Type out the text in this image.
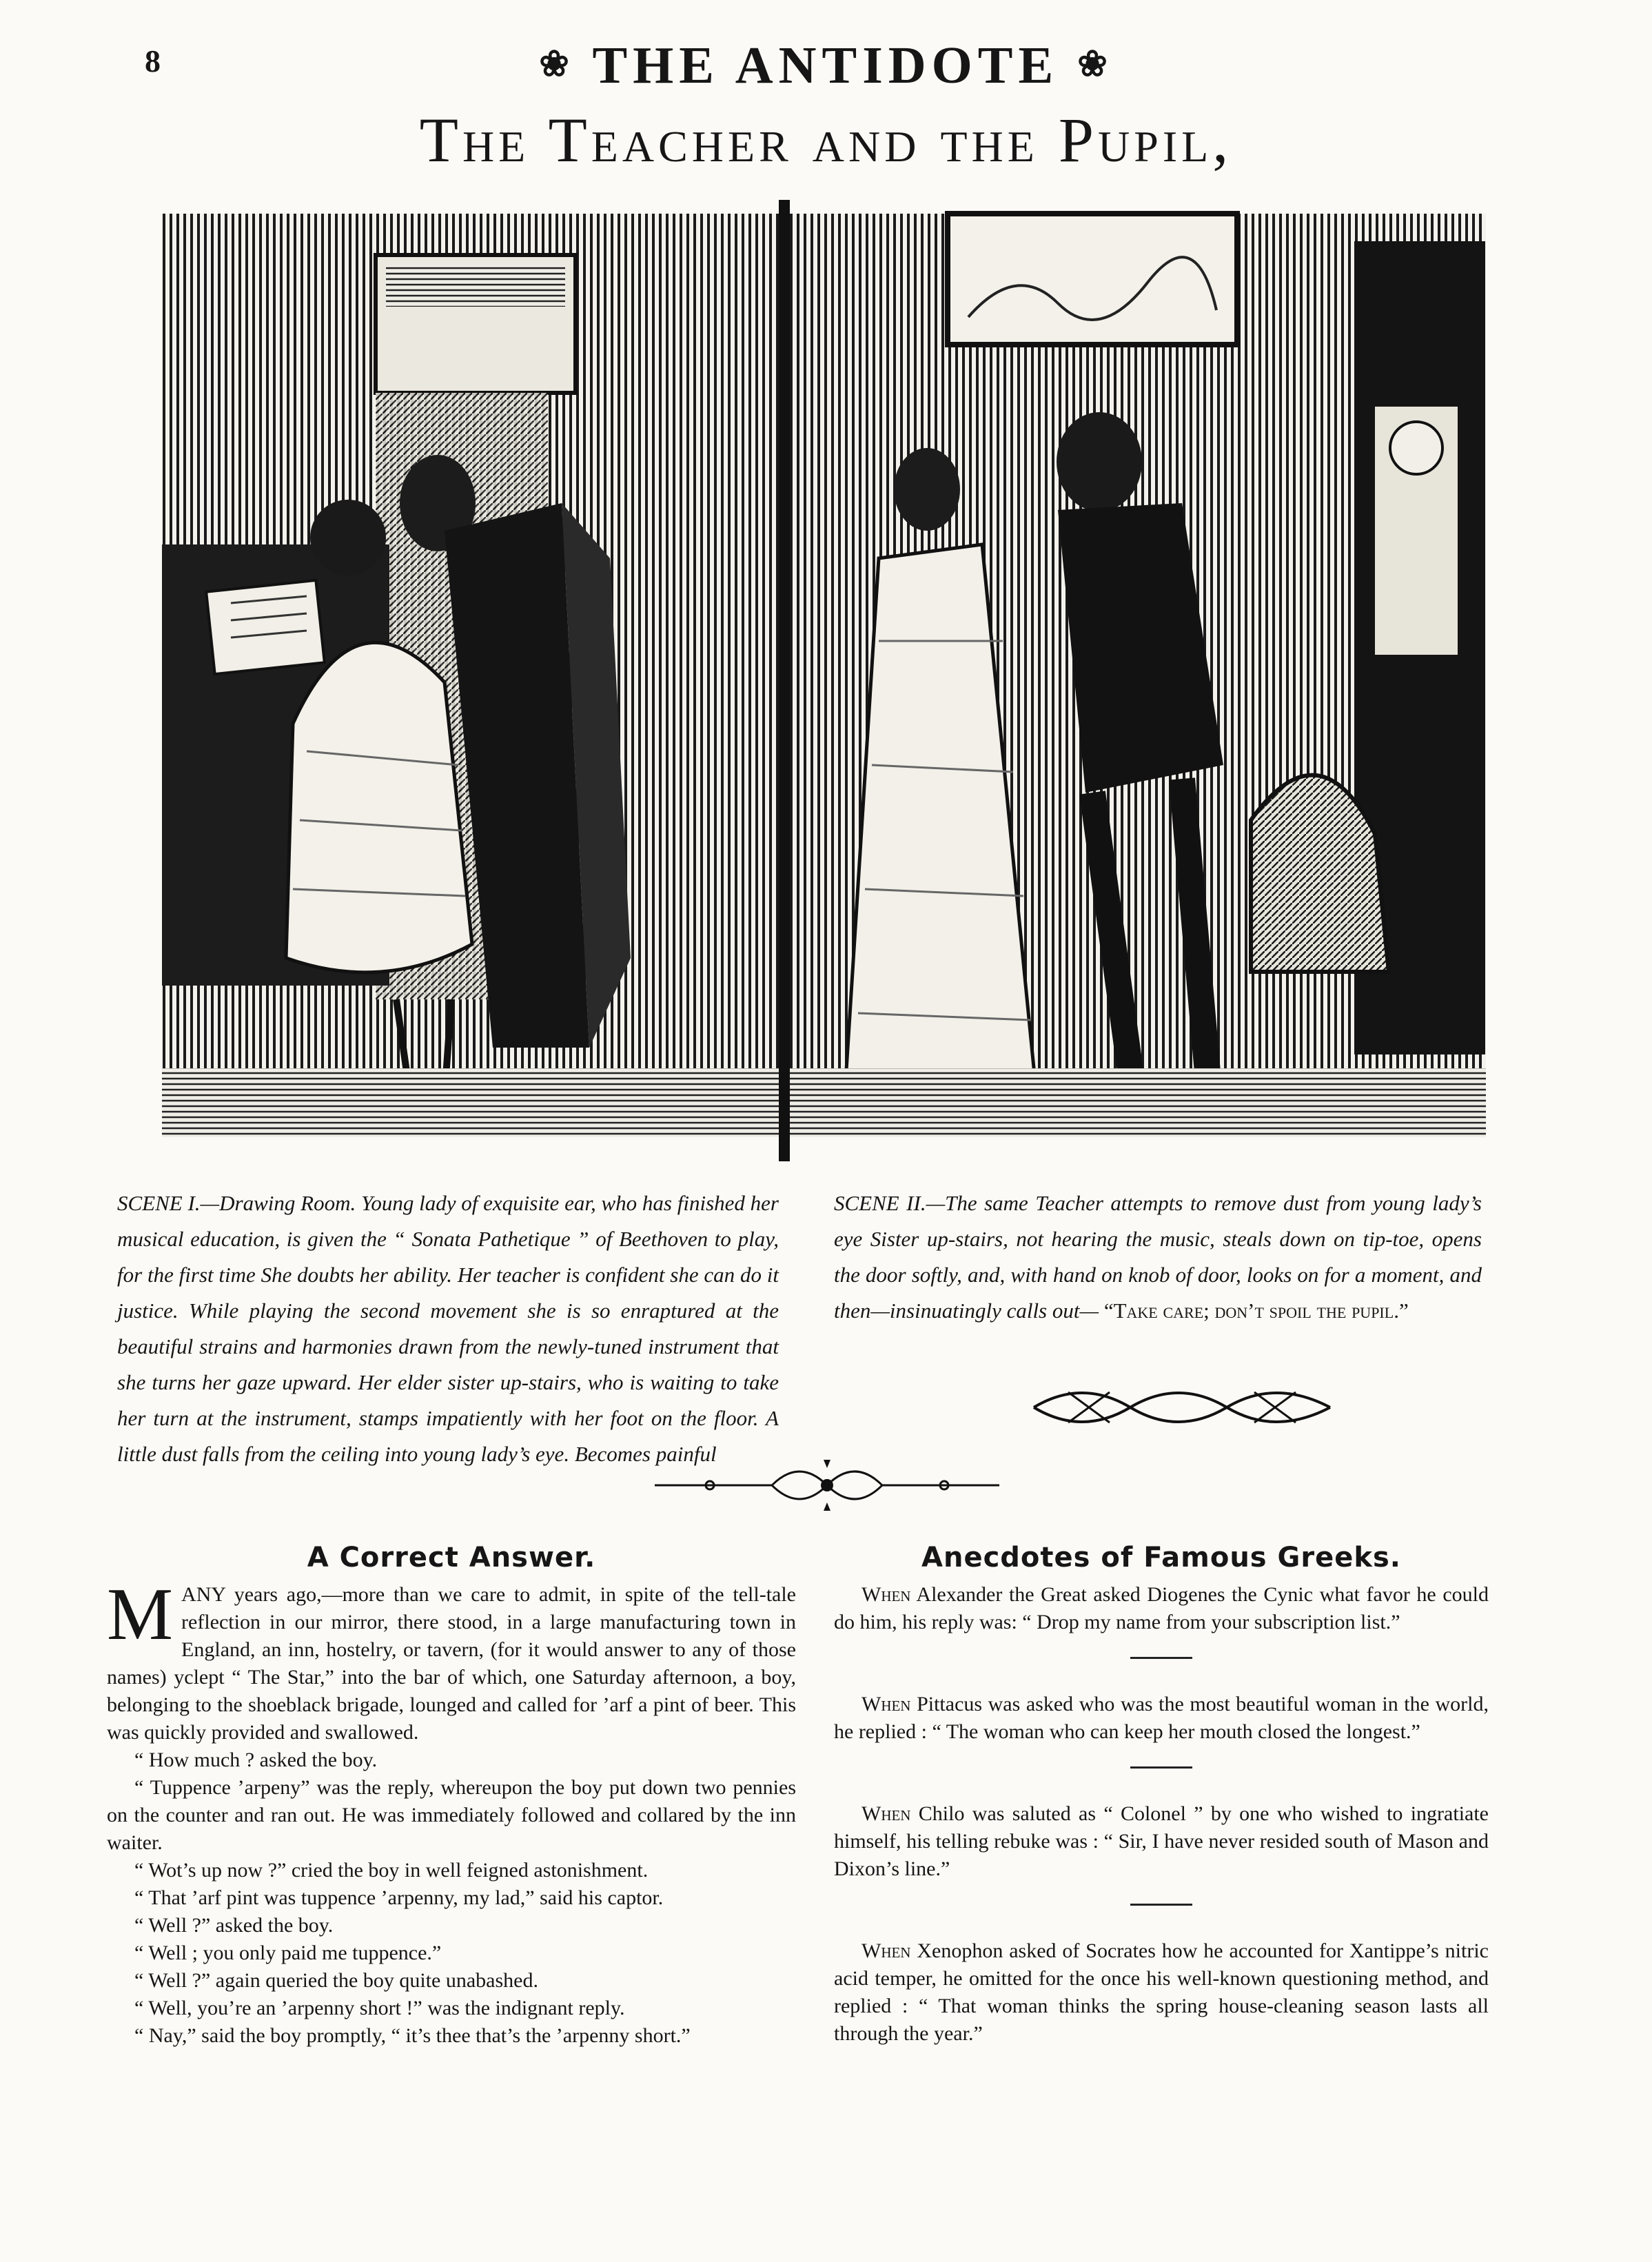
8	❀ THE ANTIDOTE ❀
The Teacher and the Pupil,
SCENE I.—Drawing Room. Young lady of exquisite ear, who has finished her musical education, is given the “ Sonata Pathetique ” of Beethoven to play, for the first time She doubts her ability. Her teacher is confident she can do it justice. While playing the second movement she is so enraptured at the beautiful strains and harmonies drawn from the newly-tuned instrument that she turns her gaze upward. Her elder sister up-stairs, who is waiting to take her turn at the instrument, stamps impatiently with her foot on the floor. A little dust falls from the ceiling into young lady’s eye. Becomes painful
SCENE II.—The same Teacher attempts to remove dust from young lady’s eye Sister up-stairs, not hearing the music, steals down on tip-toe, opens the door softly, and, with hand on knob of door, looks on for a moment, and then—insinuatingly calls out— “Take care; don’t spoil the pupil.”
A Correct Answer.

M ANY years ago,—more than we care to admit, in spite of the tell-tale reflection in our mirror, there stood, in a large manufacturing town in England, an inn, hostelry, or tavern, (for it would answer to any of those names) yclept “ The Star,” into the bar of which, one Saturday afternoon, a boy, belonging to the shoeblack brigade, lounged and called for ’arf a pint of beer. This was quickly provided and swallowed.

“ How much ? asked the boy.

“ Tuppence ’arpeny” was the reply, whereupon the boy put down two pennies on the counter and ran out. He was immediately followed and collared by the inn waiter.

“ Wot’s up now ?” cried the boy in well feigned astonishment.

“ That ’arf pint was tuppence ’arpenny, my lad,” said his captor.

“ Well ?” asked the boy.

“ Well ; you only paid me tuppence.”

“ Well ?” again queried the boy quite unabashed.

“ Well, you’re an ’arpenny short !” was the indignant reply.

“ Nay,” said the boy promptly, “ it’s thee that’s the ’arpenny short.”

Anecdotes of Famous Greeks.

When Alexander the Great asked Diogenes the Cynic what favor he could do him, his reply was: “ Drop my name from your subscription list.”

When Pittacus was asked who was the most beautiful woman in the world, he replied : “ The woman who can keep her mouth closed the longest.”

When Chilo was saluted as “ Colonel ” by one who wished to ingratiate himself, his telling rebuke was : “ Sir, I have never resided south of Mason and Dixon’s line.”

When Xenophon asked of Socrates how he accounted for Xantippe’s nitric acid temper, he omitted for the once his well-known questioning method, and replied : “ That woman thinks the spring house-cleaning season lasts all through the year.”
